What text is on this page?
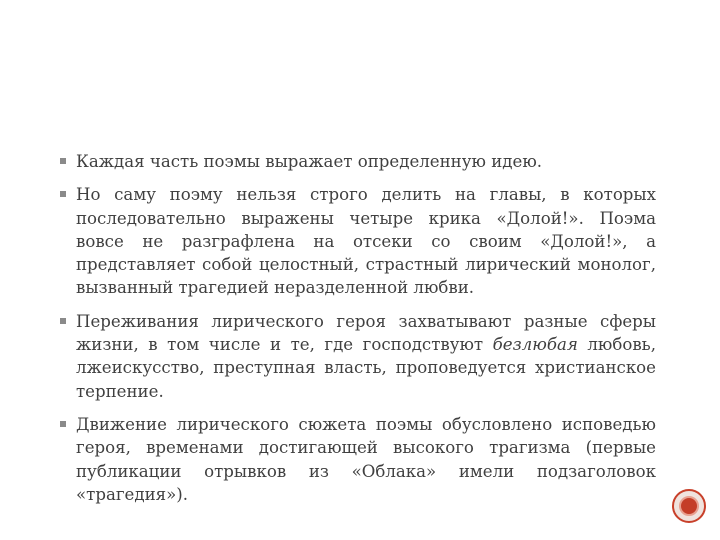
Каждая часть поэмы выражает определенную идею.
Но саму поэму нельзя строго делить на главы, в которых последовательно выражены четыре крика «Долой!». Поэма вовсе не разграфлена на отсеки со своим «Долой!», а представляет собой целостный, страстный лирический монолог, вызванный трагедией неразделенной любви.
Переживания лирического героя захватывают разные сферы жизни, в том числе и те, где господствуют безлюбая любовь, лжеискусство, преступная власть, проповедуется христианское терпение.
Движение лирического сюжета поэмы обусловлено исповедью героя, временами достигающей высокого трагизма (первые публикации отрывков из «Облака» имели подзаголовок «трагедия»).
